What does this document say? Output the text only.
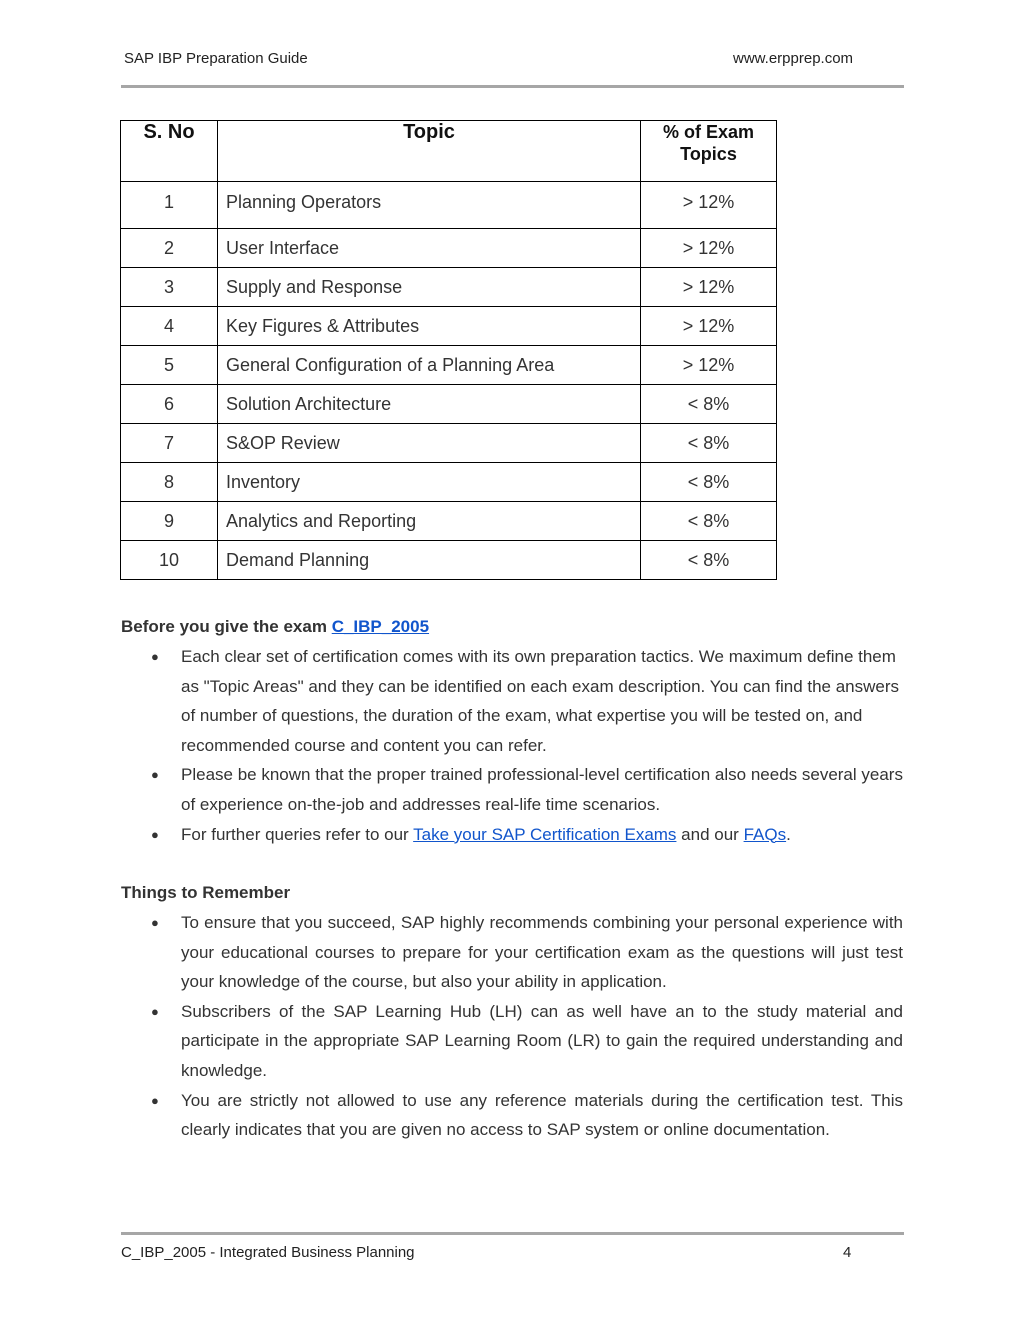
SAP IBP Preparation Guide	www.erpprep.com
S. No	Topic	% of Exam
Topics
1	Planning Operators	> 12%
2	User Interface	> 12%
3	Supply and Response	> 12%
4	Key Figures & Attributes	> 12%
5	General Configuration of a Planning Area	> 12%
6	Solution Architecture	< 8%
7	S&OP Review	< 8%
8	Inventory	< 8%
9	Analytics and Reporting	< 8%
10	Demand Planning	< 8%
Before you give the exam C_IBP_2005
● Each clear set of certification comes with its own preparation tactics. We maximum define them as "Topic Areas" and they can be identified on each exam description. You can find the answers of number of questions, the duration of the exam, what expertise you will be tested on, and recommended course and content you can refer.
● Please be known that the proper trained professional-level certification also needs several years of experience on-the-job and addresses real-life time scenarios.
● For further queries refer to our Take your SAP Certification Exams and our FAQs.
Things to Remember
● To ensure that you succeed, SAP highly recommends combining your personal experience with your educational courses to prepare for your certification exam as the questions will just test your knowledge of the course, but also your ability in application.
● Subscribers of the SAP Learning Hub (LH) can as well have an to the study material and participate in the appropriate SAP Learning Room (LR) to gain the required understanding and knowledge.
● You are strictly not allowed to use any reference materials during the certification test. This clearly indicates that you are given no access to SAP system or online documentation.
C_IBP_2005 - Integrated Business Planning	4
